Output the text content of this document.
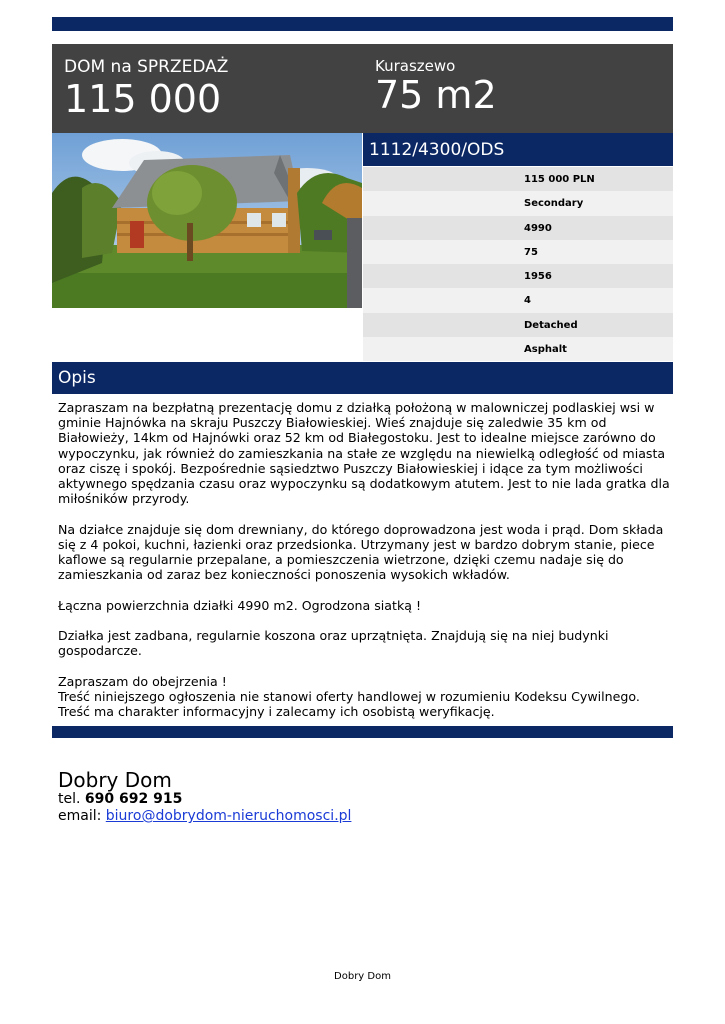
DOM na SPRZEDAŻ
115 000
Kuraszewo
75 m2
1112/4300/ODS
115 000 PLN
Secondary
4990
75
1956
4
Detached
Asphalt
Opis

Zapraszam na bezpłatną prezentację domu z działką położoną w malowniczej podlaskiej wsi w gminie Hajnówka na skraju Puszczy Białowieskiej. Wieś znajduje się zaledwie 35 km od Białowieży, 14km od Hajnówki oraz 52 km od Białegostoku. Jest to idealne miejsce zarówno do wypoczynku, jak również do zamieszkania na stałe ze względu na niewielką odległość od miasta oraz ciszę i spokój. Bezpośrednie sąsiedztwo Puszczy Białowieskiej i idące za tym możliwości aktywnego spędzania czasu oraz wypoczynku są dodatkowym atutem. Jest to nie lada gratka dla miłośników przyrody.

Na działce znajduje się dom drewniany, do którego doprowadzona jest woda i prąd. Dom składa się z 4 pokoi, kuchni, łazienki oraz przedsionka. Utrzymany jest w bardzo dobrym stanie, piece kaflowe są regularnie przepalane, a pomieszczenia wietrzone, dzięki czemu nadaje się do zamieszkania od zaraz bez konieczności ponoszenia wysokich wkładów.

Łączna powierzchnia działki 4990 m2. Ogrodzona siatką !

Działka jest zadbana, regularnie koszona oraz uprzątnięta. Znajdują się na niej budynki gospodarcze.

Zapraszam do obejrzenia !

Treść niniejszego ogłoszenia nie stanowi oferty handlowej w rozumieniu Kodeksu Cywilnego. Treść ma charakter informacyjny i zalecamy ich osobistą weryfikację.

Dobry Dom
tel. 690 692 915
email: biuro@dobrydom-nieruchomosci.pl
Dobry Dom
